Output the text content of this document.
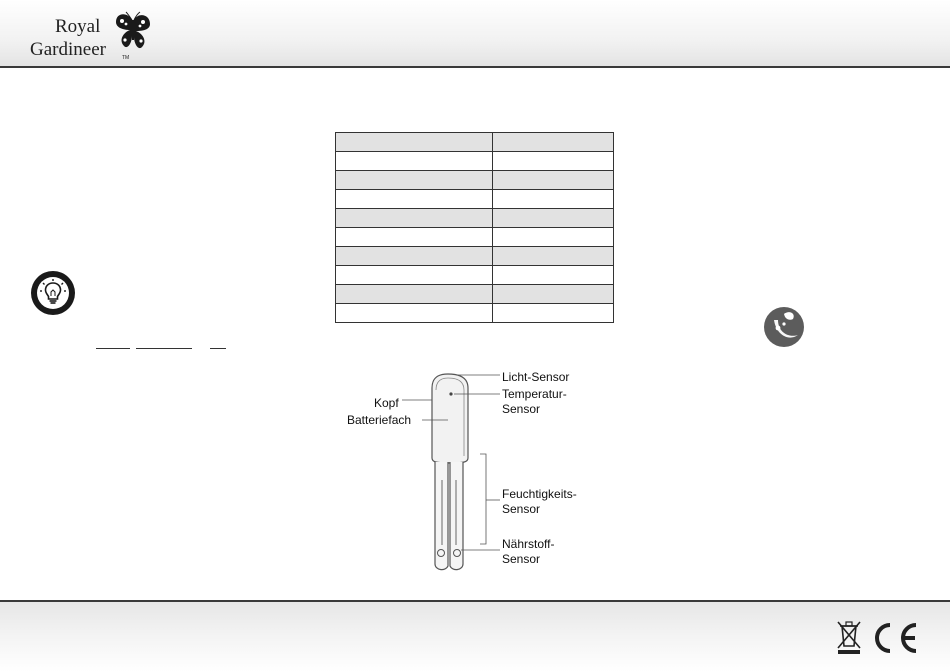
Royal
Gardineer	TM

Licht-Sensor
Temperatur-
Sensor
Kopf
Batteriefach
Feuchtigkeits-
Sensor
Nährstoff-
Sensor
